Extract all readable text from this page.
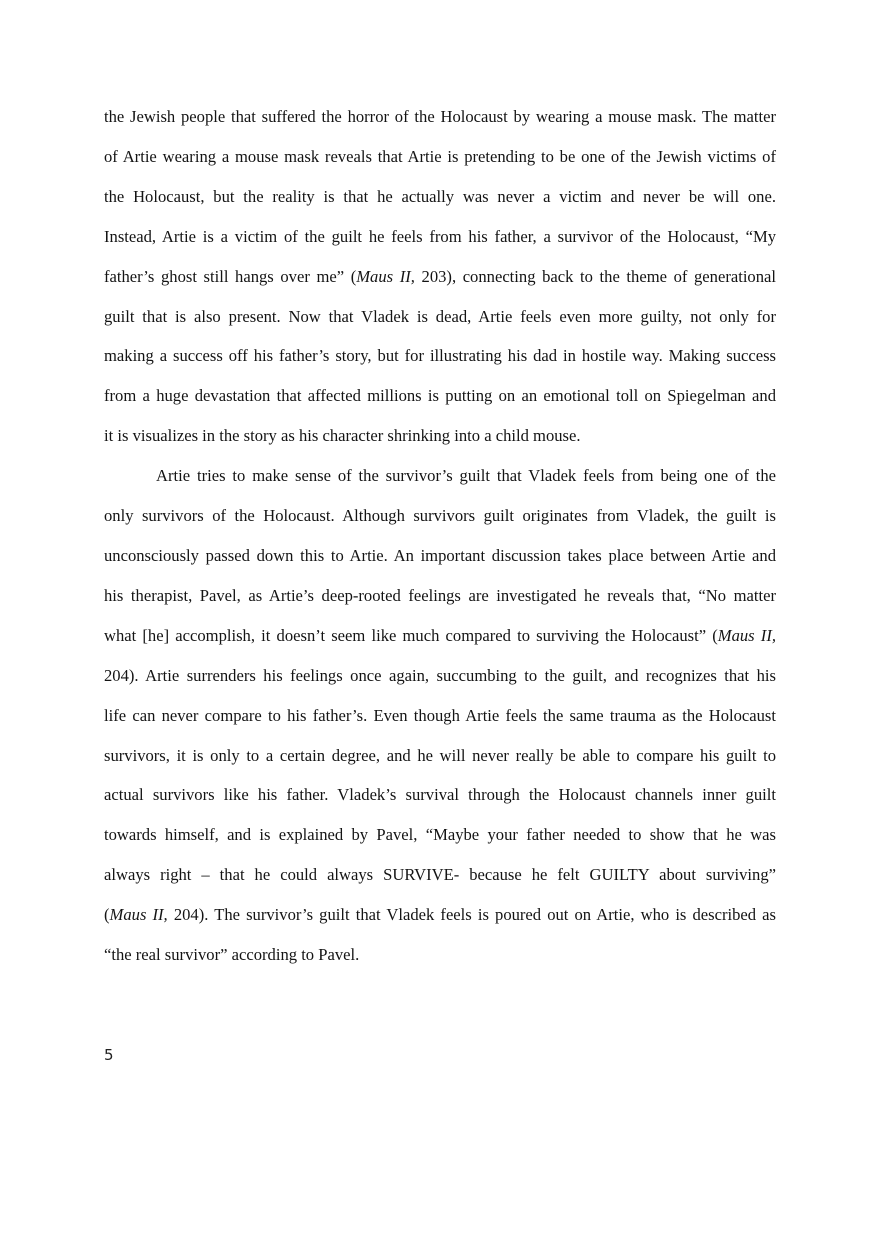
the Jewish people that suffered the horror of the Holocaust by wearing a mouse mask. The matter
of Artie wearing a mouse mask reveals that Artie is pretending to be one of the Jewish victims of
the Holocaust, but the reality is that he actually was never a victim and never be will one.
Instead, Artie is a victim of the guilt he feels from his father, a survivor of the Holocaust, “My
father’s ghost still hangs over me” (Maus II, 203), connecting back to the theme of generational
guilt that is also present. Now that Vladek is dead, Artie feels even more guilty, not only for
making a success off his father’s story, but for illustrating his dad in hostile way. Making success
from a huge devastation that affected millions is putting on an emotional toll on Spiegelman and
it is visualizes in the story as his character shrinking into a child mouse.

Artie tries to make sense of the survivor’s guilt that Vladek feels from being one of the
only survivors of the Holocaust. Although survivors guilt originates from Vladek, the guilt is
unconsciously passed down this to Artie. An important discussion takes place between Artie and
his therapist, Pavel, as Artie’s deep-rooted feelings are investigated he reveals that, “No matter
what [he] accomplish, it doesn’t seem like much compared to surviving the Holocaust” (Maus II,
204). Artie surrenders his feelings once again, succumbing to the guilt, and recognizes that his
life can never compare to his father’s. Even though Artie feels the same trauma as the Holocaust
survivors, it is only to a certain degree, and he will never really be able to compare his guilt to
actual survivors like his father. Vladek’s survival through the Holocaust channels inner guilt
towards himself, and is explained by Pavel, “Maybe your father needed to show that he was
always right – that he could always SURVIVE- because he felt GUILTY about surviving”
(Maus II, 204). The survivor’s guilt that Vladek feels is poured out on Artie, who is described as
“the real survivor” according to Pavel.

5
